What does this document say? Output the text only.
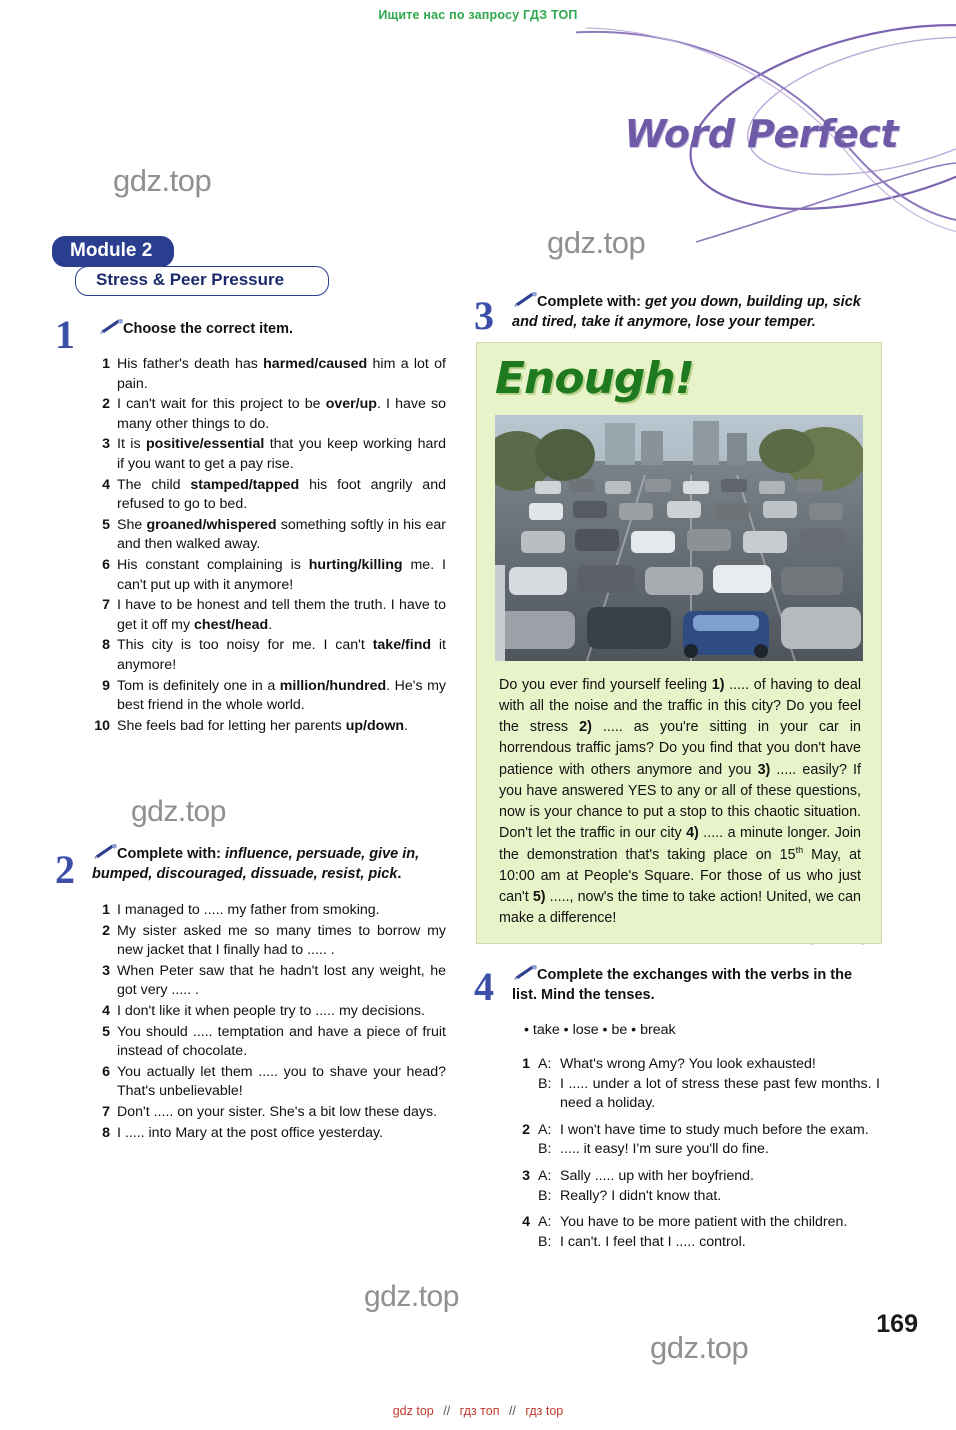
Ищите нас по запросу ГДЗ ТОП
Word Perfect
gdz.top
gdz.top
gdz.top
gdz.top
gdz.top
Module 2
Stress & Peer Pressure
1	Choose the correct item.
1 His father's death has harmed/caused him a lot of pain.
2 I can't wait for this project to be over/up. I have so many other things to do.
3 It is positive/essential that you keep working hard if you want to get a pay rise.
4 The child stamped/tapped his foot angrily and refused to go to bed.
5 She groaned/whispered something softly in his ear and then walked away.
6 His constant complaining is hurting/killing me. I can't put up with it anymore!
7 I have to be honest and tell them the truth. I have to get it off my chest/head.
8 This city is too noisy for me. I can't take/find it anymore!
9 Tom is definitely one in a million/hundred. He's my best friend in the whole world.
10 She feels bad for letting her parents up/down.
2	Complete with: influence, persuade, give in, bumped, discouraged, dissuade, resist, pick.
1 I managed to ..... my father from smoking.
2 My sister asked me so many times to borrow my new jacket that I finally had to ..... .
3 When Peter saw that he hadn't lost any weight, he got very ..... .
4 I don't like it when people try to ..... my decisions.
5 You should ..... temptation and have a piece of fruit instead of chocolate.
6 You actually let them ..... you to shave your head? That's unbelievable!
7 Don't ..... on your sister. She's a bit low these days.
8 I ..... into Mary at the post office yesterday.
3	Complete with: get you down, building up, sick and tired, take it anymore, lose your temper.
Enough!
Do you ever find yourself feeling 1) ..... of having to deal with all the noise and the traffic in this city? Do you feel the stress 2) ..... as you're sitting in your car in horrendous traffic jams? Do you find that you don't have patience with others anymore and you 3) ..... easily? If you have answered YES to any or all of these questions, now is your chance to put a stop to this chaotic situation. Don't let the traffic in our city 4) ..... a minute longer. Join the demonstration that's taking place on 15th May, at 10:00 am at People's Square. For those of us who just can't 5) ....., now's the time to take action! United, we can make a difference!
4	Complete the exchanges with the verbs in the list. Mind the tenses.
• take • lose • be • break
1 A: What's wrong Amy? You look exhausted!
B: I ..... under a lot of stress these past few months. I need a holiday.
2 A: I won't have time to study much before the exam.
B: ..... it easy! I'm sure you'll do fine.
3 A: Sally ..... up with her boyfriend.
B: Really? I didn't know that.
4 A: You have to be more patient with the children.
B: I can't. I feel that I ..... control.
169
gdz top // гдз топ // гдз top
